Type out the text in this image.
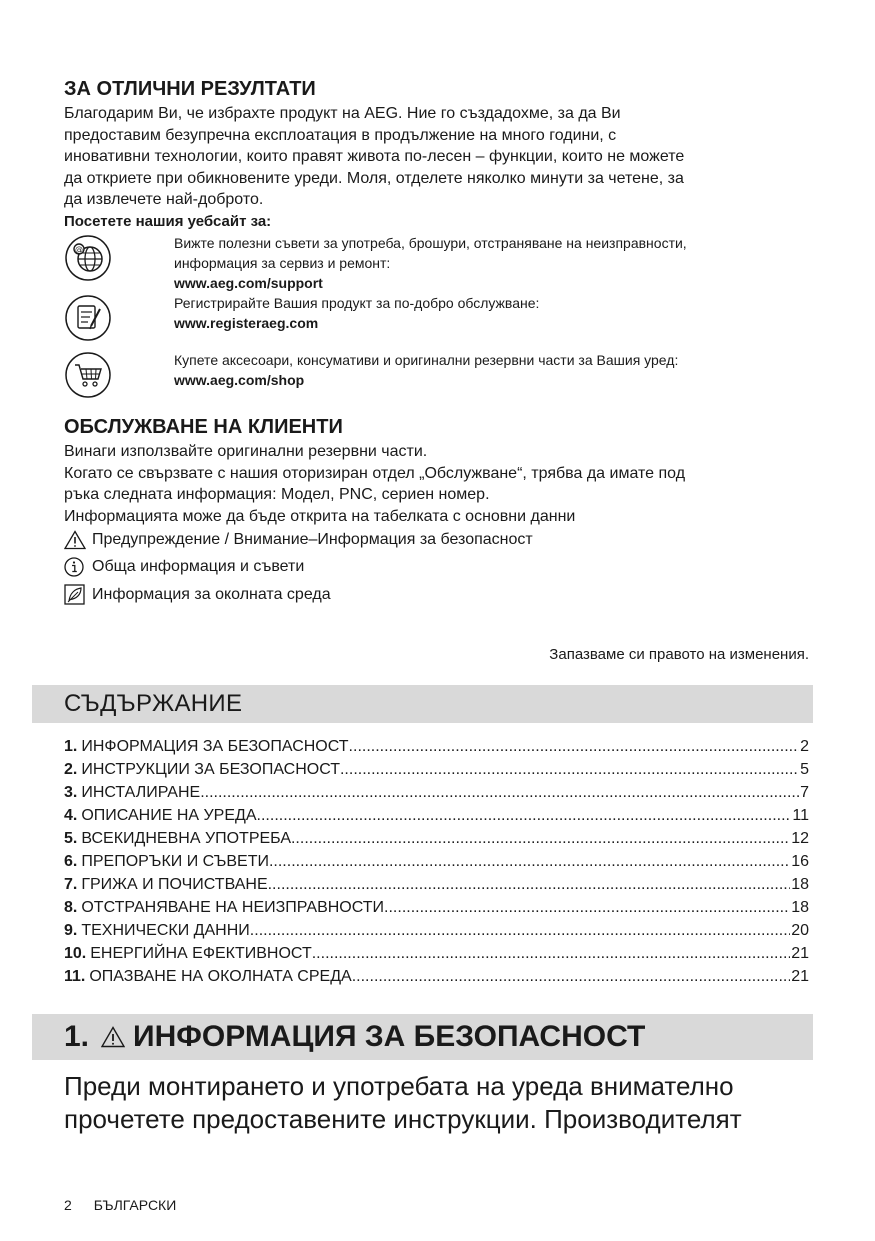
ЗА ОТЛИЧНИ РЕЗУЛТАТИ

Благодарим Ви, че избрахте продукт на AEG. Ние го създадохме, за да Ви

предоставим безупречна експлоатация в продължение на много години, с

иновативни технологии, които правят живота по-лесен – функции, които не можете

да откриете при обикновените уреди. Моля, отделете няколко минути за четене, за

да извлечете най-доброто.

Посетете нашия уебсайт за:

@	Вижте полезни съвети за употреба, брошури, отстраняване на неизправности,
информация за сервиз и ремонт:
www.aeg.com/support
Регистрирайте Вашия продукт за по-добро обслужване:
www.registeraeg.com
Купете аксесоари, консумативи и оригинални резервни части за Вашия уред:
www.aeg.com/shop
ОБСЛУЖВАНЕ НА КЛИЕНТИ

Винаги използвайте оригинални резервни части.

Когато се свързвате с нашия оторизиран отдел „Обслужване“, трябва да имате под

ръка следната информация: Модел, PNC, сериен номер.

Информацията може да бъде открита на табелката с основни данни

Предупреждение / Внимание–Информация за безопасност
Обща информация и съвети
Информация за околната среда
Запазваме си правото на изменения.
СЪДЪРЖАНИЕ
1. ИНФОРМАЦИЯ ЗА БЕЗОПАСНОСТ .....	2
2. ИНСТРУКЦИИ ЗА БЕЗОПАСНОСТ .....	5
3. ИНСТАЛИРАНЕ .....	7
4. ОПИСАНИЕ НА УРЕДА .....	11
5. ВСЕКИДНЕВНА УПОТРЕБА .....	12
6. ПРЕПОРЪКИ И СЪВЕТИ .....	16
7. ГРИЖА И ПОЧИСТВАНЕ .....	18
8. ОТСТРАНЯВАНЕ НА НЕИЗПРАВНОСТИ .....	18
9. ТЕХНИЧЕСКИ ДАННИ .....	20
10. ЕНЕРГИЙНА ЕФЕКТИВНОСТ .....	21
11. ОПАЗВАНЕ НА ОКОЛНАТА СРЕДА .....	21
1. ИНФОРМАЦИЯ ЗА БЕЗОПАСНОСТ
Преди монтирането и употребата на уреда внимателно
прочетете предоставените инструкции. Производителят
2 БЪЛГАРСКИ
